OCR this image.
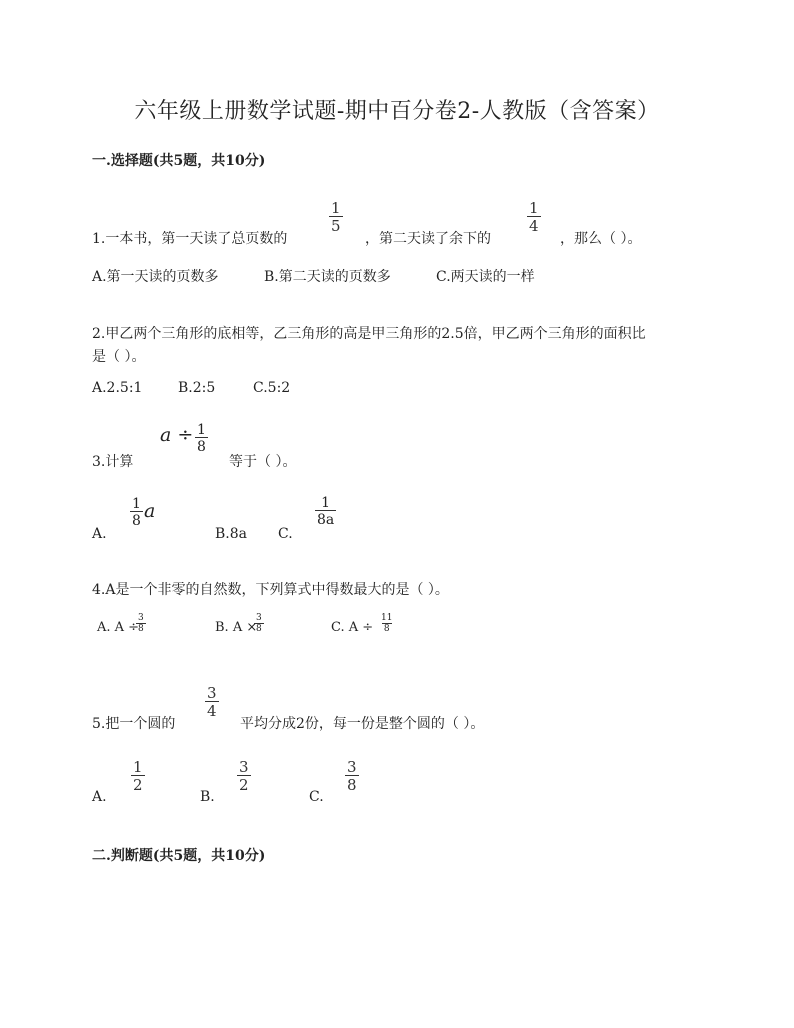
六年级上册数学试题-期中百分卷2-人教版（含答案）
一.选择题(共5题，共10分)
1.一本书，第一天读了总页数的
$\frac{1}{5}$
，第二天读了余下的
$\frac{1}{4}$
，那么（ ）。
A.第一天读的页数多	B.第二天读的页数多	C.两天读的一样
2.甲乙两个三角形的底相等，乙三角形的高是甲三角形的2.5倍，甲乙两个三角形的面积比
是（ ）。
A.2.5:1	B.2:5	C.5:2
$a \div \frac{1}{8}$
3.计算	等于（ ）。
A.
$\frac{1}{8}$ a
B.8a C.
$\frac{1}{8a}$
4.A是一个非零的自然数，下列算式中得数最大的是（ ）。
A. A ÷
$\frac{3}{8}$	B. A ×
$\frac{3}{8}$	C. $A \div \frac{11}{8}$
$\frac{3}{4}$
5.把一个圆的	平均分成2份，每一份是整个圆的（ ）。
A.
$\frac{1}{2}$
B.
$\frac{3}{2}$
C.
$\frac{3}{8}$
二.判断题(共5题，共10分)
